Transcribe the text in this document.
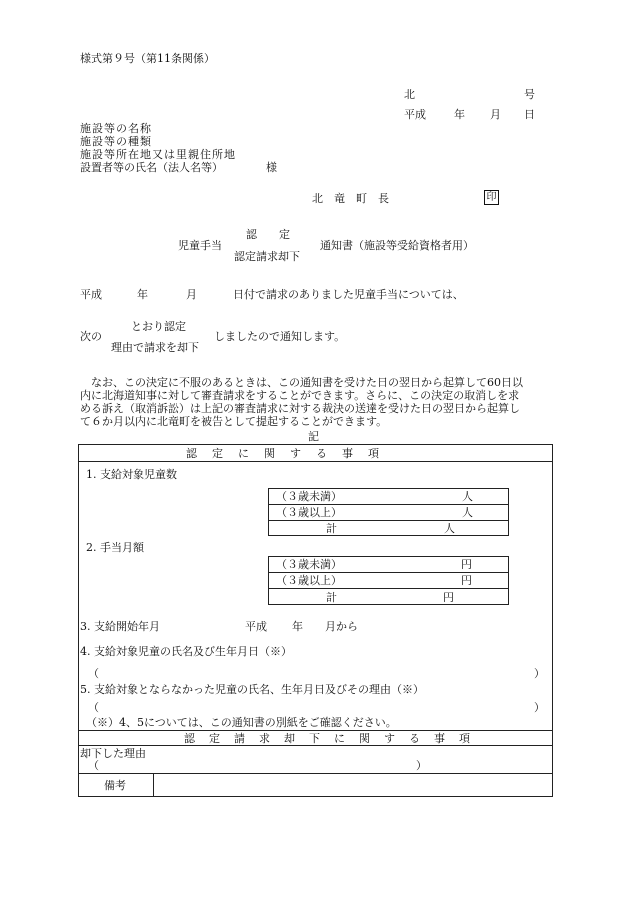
様式第９号（第11条関係）
北	号
平成	年 月 日
施設等の名称
施設等の種類
施設等所在地又は里親住所地
設置者等の氏名（法人名等）	様
北　竜　町　長	印
認　　定
児童手当	通知書（施設等受給資格者用）
認定請求却下
平成	年	月	日付で請求のありました児童手当については、
とおり認定
次の	しましたので通知します。
理由で請求を却下
なお、この決定に不服のあるときは、この通知書を受けた日の翌日から起算して60日以
内に北海道知事に対して審査請求をすることができます。さらに、この決定の取消しを求
める訴え（取消訴訟）は上記の審査請求に対する裁決の送達を受けた日の翌日から起算し
て６か月以内に北竜町を被告として提起することができます。
記
認定に関する事項
1. 支給対象児童数
（３歳未満）	人
（３歳以上）	人
計	人
2. 手当月額
（３歳未満）	円
（３歳以上）	円
計	円
3. 支給開始年月	平成 年 月から
4. 支給対象児童の氏名及び生年月日（※）
（	）
5. 支給対象とならなかった児童の氏名、生年月日及びその理由（※）
（	）
（※）4、5については、この通知書の別紙をご確認ください。
認定請求却下に関する事項
却下した理由
（	）
備考
